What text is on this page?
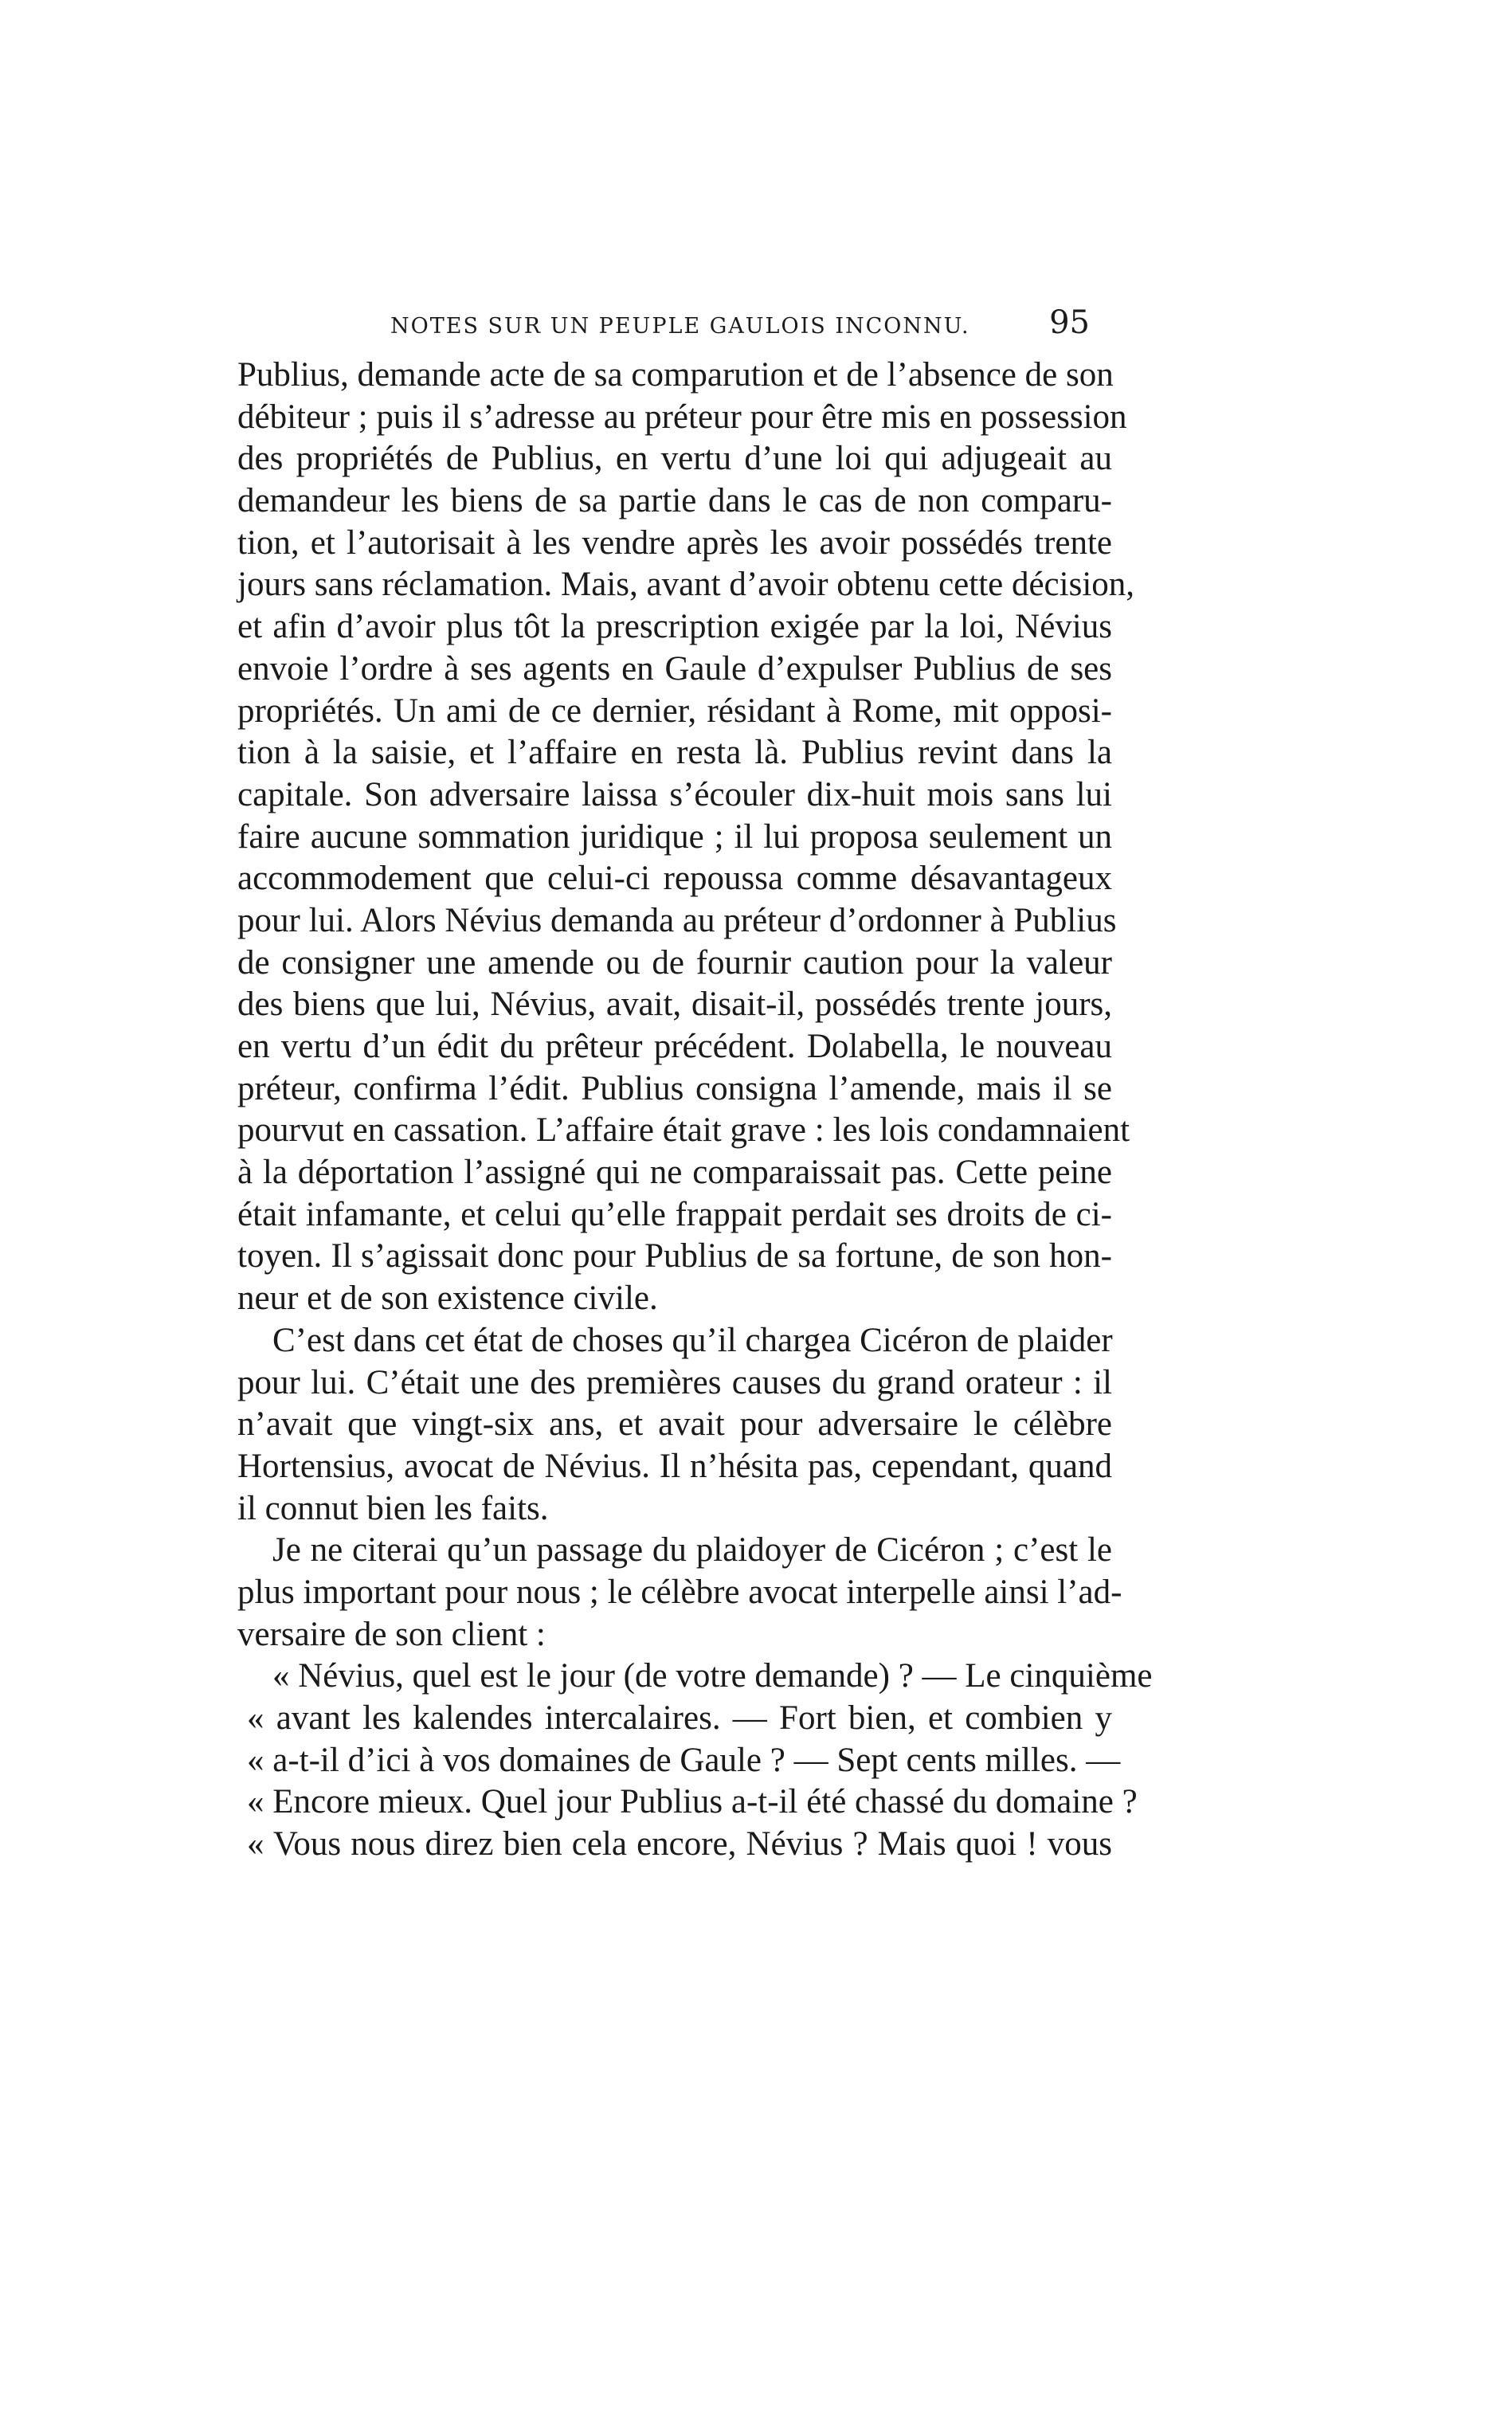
NOTES SUR UN PEUPLE GAULOIS INCONNU. 95
Publius, demande acte de sa comparution et de l’absence de son
débiteur ; puis il s’adresse au préteur pour être mis en possession
des propriétés de Publius, en vertu d’une loi qui adjugeait au
demandeur les biens de sa partie dans le cas de non comparu-
tion, et l’autorisait à les vendre après les avoir possédés trente
jours sans réclamation. Mais, avant d’avoir obtenu cette décision,
et afin d’avoir plus tôt la prescription exigée par la loi, Névius
envoie l’ordre à ses agents en Gaule d’expulser Publius de ses
propriétés. Un ami de ce dernier, résidant à Rome, mit opposi-
tion à la saisie, et l’affaire en resta là. Publius revint dans la
capitale. Son adversaire laissa s’écouler dix-huit mois sans lui
faire aucune sommation juridique ; il lui proposa seulement un
accommodement que celui-ci repoussa comme désavantageux
pour lui. Alors Névius demanda au préteur d’ordonner à Publius
de consigner une amende ou de fournir caution pour la valeur
des biens que lui, Névius, avait, disait-il, possédés trente jours,
en vertu d’un édit du prêteur précédent. Dolabella, le nouveau
préteur, confirma l’édit. Publius consigna l’amende, mais il se
pourvut en cassation. L’affaire était grave : les lois condamnaient
à la déportation l’assigné qui ne comparaissait pas. Cette peine
était infamante, et celui qu’elle frappait perdait ses droits de ci-
toyen. Il s’agissait donc pour Publius de sa fortune, de son hon-
neur et de son existence civile.
C’est dans cet état de choses qu’il chargea Cicéron de plaider
pour lui. C’était une des premières causes du grand orateur : il
n’avait que vingt-six ans, et avait pour adversaire le célèbre
Hortensius, avocat de Névius. Il n’hésita pas, cependant, quand
il connut bien les faits.
Je ne citerai qu’un passage du plaidoyer de Cicéron ; c’est le
plus important pour nous ; le célèbre avocat interpelle ainsi l’ad-
versaire de son client :
« Névius, quel est le jour (de votre demande) ? — Le cinquième
« avant les kalendes intercalaires. — Fort bien, et combien y
« a-t-il d’ici à vos domaines de Gaule ? — Sept cents milles. —
« Encore mieux. Quel jour Publius a-t-il été chassé du domaine ?
« Vous nous direz bien cela encore, Névius ? Mais quoi ! vous
